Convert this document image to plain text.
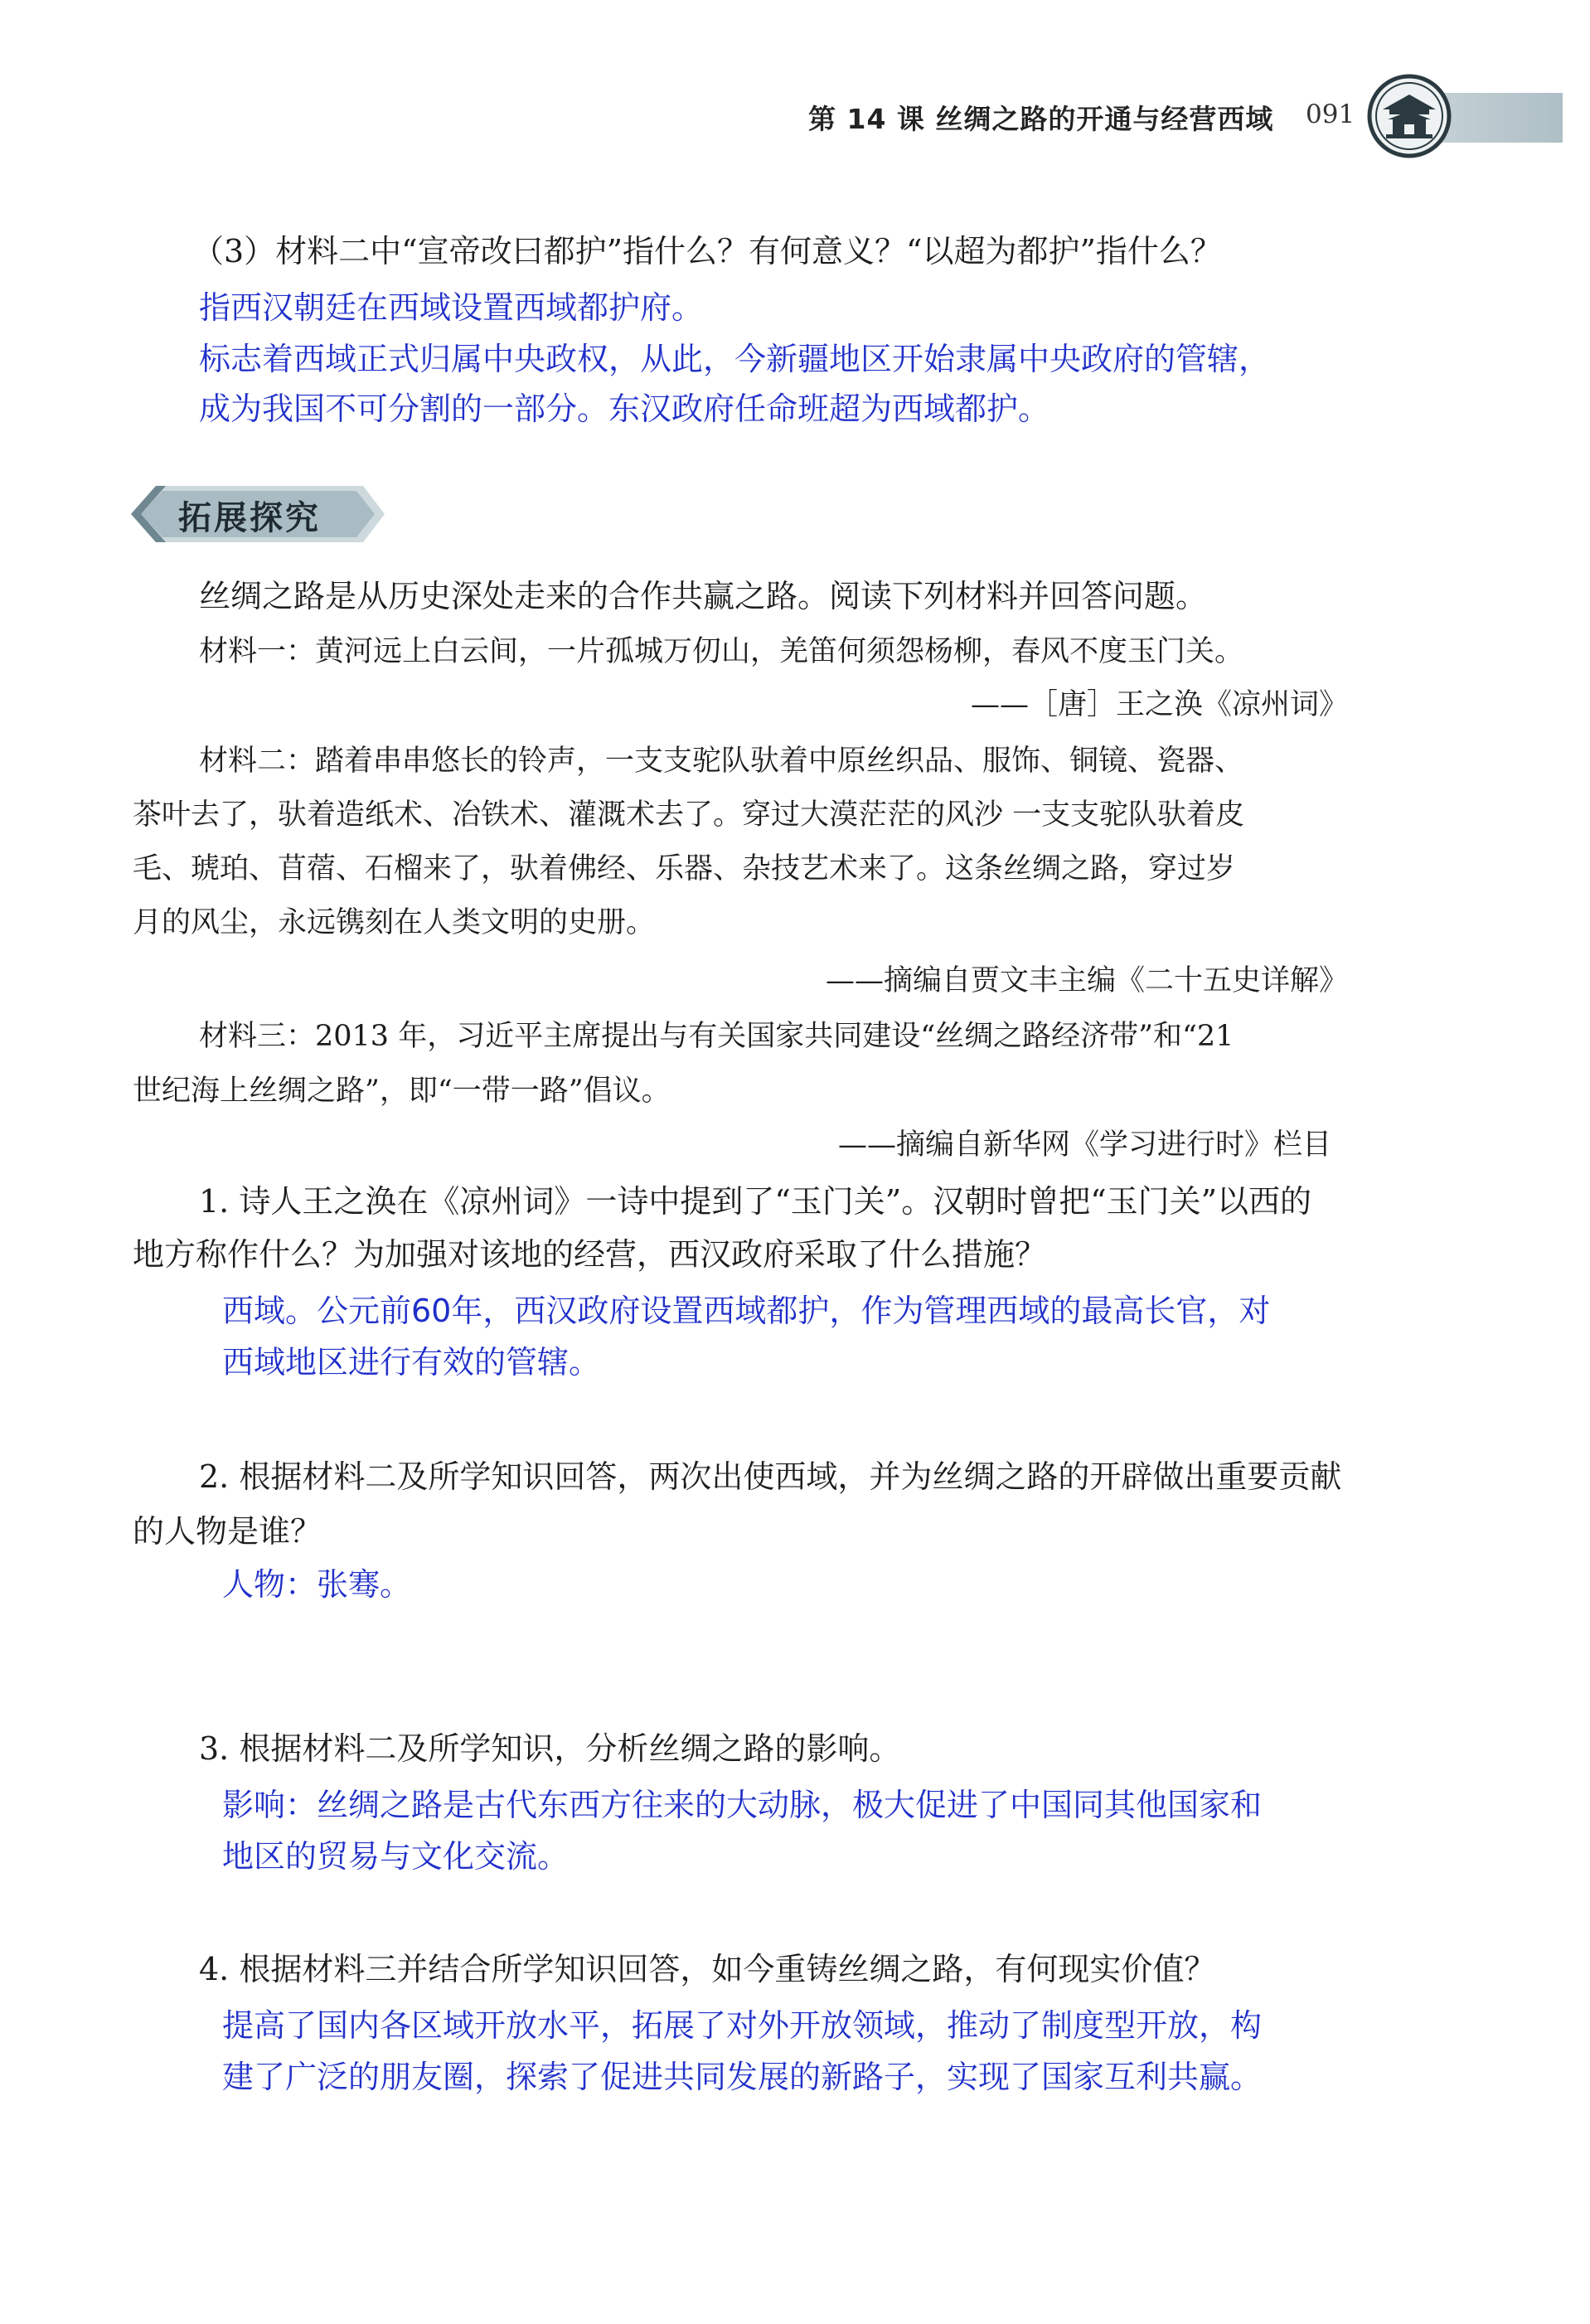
第 14 课 丝绸之路的开通与经营西域 091
（3）材料二中“宣帝改曰都护”指什么？有何意义？“以超为都护”指什么？
指西汉朝廷在西域设置西域都护府。
标志着西域正式归属中央政权，从此，今新疆地区开始隶属中央政府的管辖，
成为我国不可分割的一部分。东汉政府任命班超为西域都护。
拓展探究
丝绸之路是从历史深处走来的合作共赢之路。阅读下列材料并回答问题。
材料一：黄河远上白云间，一片孤城万仞山，羌笛何须怨杨柳，春风不度玉门关。
——［唐］王之涣《凉州词》
材料二：踏着串串悠长的铃声，一支支驼队驮着中原丝织品、服饰、铜镜、瓷器、
茶叶去了，驮着造纸术、冶铁术、灌溉术去了。穿过大漠茫茫的风沙 一支支驼队驮着皮
毛、琥珀、苜蓿、石榴来了，驮着佛经、乐器、杂技艺术来了。这条丝绸之路，穿过岁
月的风尘，永远镌刻在人类文明的史册。
——摘编自贾文丰主编《二十五史详解》
材料三：2013 年，习近平主席提出与有关国家共同建设“丝绸之路经济带”和“21
世纪海上丝绸之路”，即“一带一路”倡议。
——摘编自新华网《学习进行时》栏目
1. 诗人王之涣在《凉州词》一诗中提到了“玉门关”。汉朝时曾把“玉门关”以西的
地方称作什么？为加强对该地的经营，西汉政府采取了什么措施？
西域。公元前60年，西汉政府设置西域都护，作为管理西域的最高长官，对
西域地区进行有效的管辖。
2. 根据材料二及所学知识回答，两次出使西域，并为丝绸之路的开辟做出重要贡献
的人物是谁？
人物：张骞。
3. 根据材料二及所学知识，分析丝绸之路的影响。
影响：丝绸之路是古代东西方往来的大动脉，极大促进了中国同其他国家和
地区的贸易与文化交流。
4. 根据材料三并结合所学知识回答，如今重铸丝绸之路，有何现实价值？
提高了国内各区域开放水平，拓展了对外开放领域，推动了制度型开放，构
建了广泛的朋友圈，探索了促进共同发展的新路子，实现了国家互利共赢。
